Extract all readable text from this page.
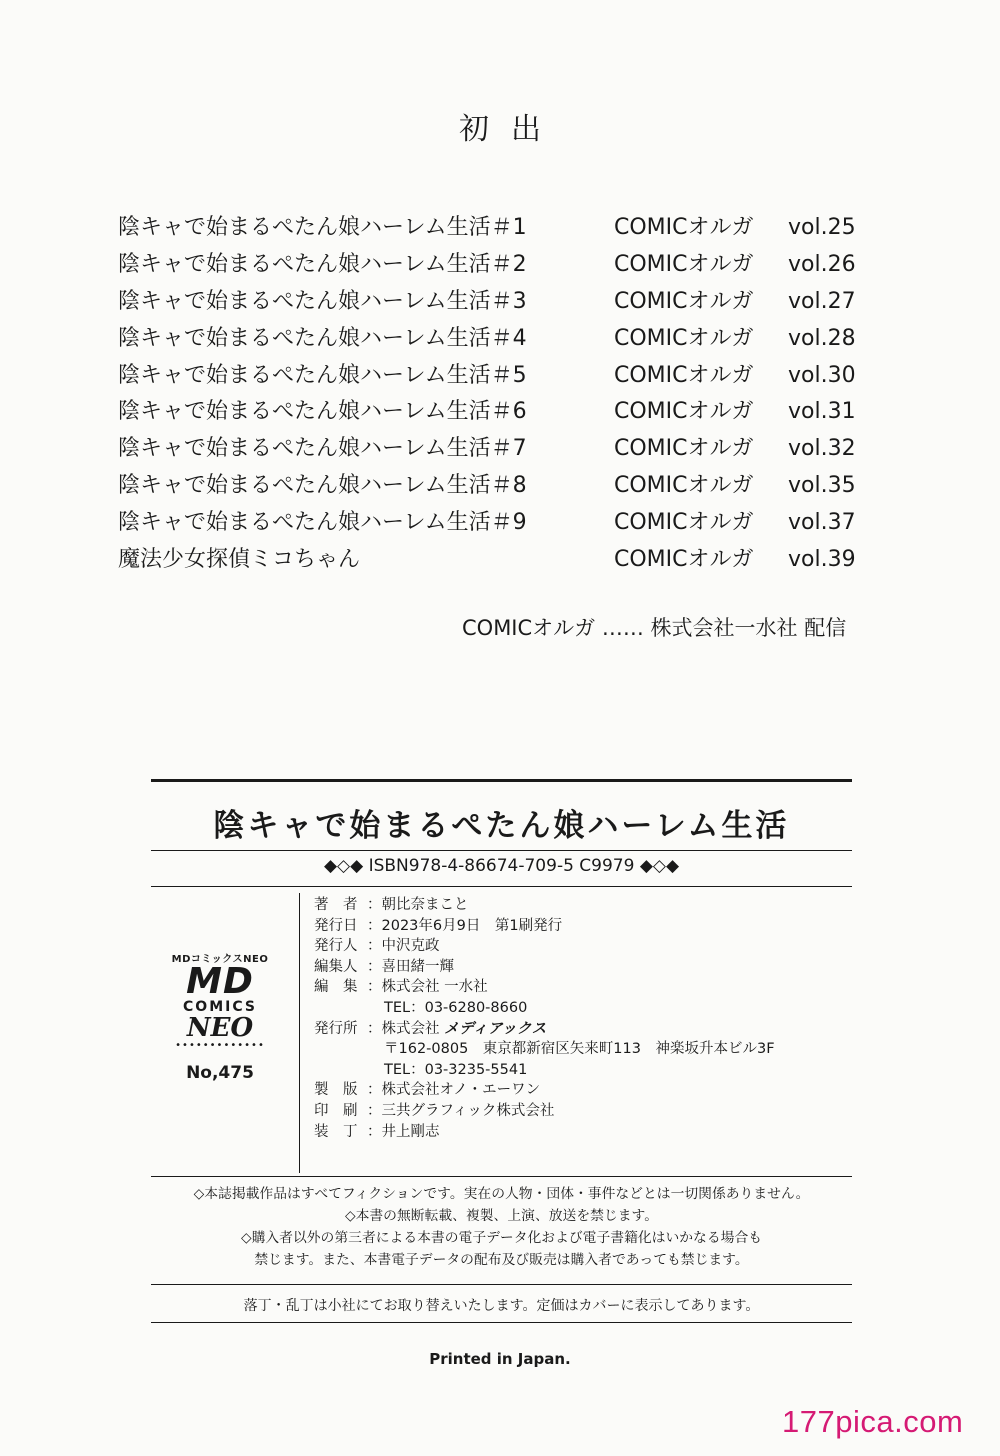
初出
陰キャで始まるぺたん娘ハーレム生活＃1	COMICオルガ vol.25
陰キャで始まるぺたん娘ハーレム生活＃2	COMICオルガ vol.26
陰キャで始まるぺたん娘ハーレム生活＃3	COMICオルガ vol.27
陰キャで始まるぺたん娘ハーレム生活＃4	COMICオルガ vol.28
陰キャで始まるぺたん娘ハーレム生活＃5	COMICオルガ vol.30
陰キャで始まるぺたん娘ハーレム生活＃6	COMICオルガ vol.31
陰キャで始まるぺたん娘ハーレム生活＃7	COMICオルガ vol.32
陰キャで始まるぺたん娘ハーレム生活＃8	COMICオルガ vol.35
陰キャで始まるぺたん娘ハーレム生活＃9	COMICオルガ vol.37
魔法少女探偵ミコちゃん	COMICオルガ vol.39
COMICオルガ …… 株式会社一水社 配信
陰キャで始まるぺたん娘ハーレム生活
◆◇◆ ISBN978-4-86674-709-5 C9979 ◆◇◆
MDコミックスNEO
MD
COMICS
NEO
•••••••••••••
No,475
著　者 ：朝比奈まこと
発行日 ：2023年6月9日　第1刷発行
発行人 ：中沢克政
編集人 ：喜田緒一輝
編　集 ：株式会社 一水社
TEL：03-6280-8660
発行所 ：株式会社 メディアックス
〒162-0805　東京都新宿区矢来町113　神楽坂升本ビル3F
TEL：03-3235-5541
製　版 ：株式会社オノ・エーワン
印　刷 ：三共グラフィック株式会社
装　丁 ：井上剛志
◇本誌掲載作品はすべてフィクションです。実在の人物・団体・事件などとは一切関係ありません。
◇本書の無断転載、複製、上演、放送を禁じます。
◇購入者以外の第三者による本書の電子データ化および電子書籍化はいかなる場合も
禁じます。また、本書電子データの配布及び販売は購入者であっても禁じます。
落丁・乱丁は小社にてお取り替えいたします。定価はカバーに表示してあります。
Printed in Japan.
177pica.com
